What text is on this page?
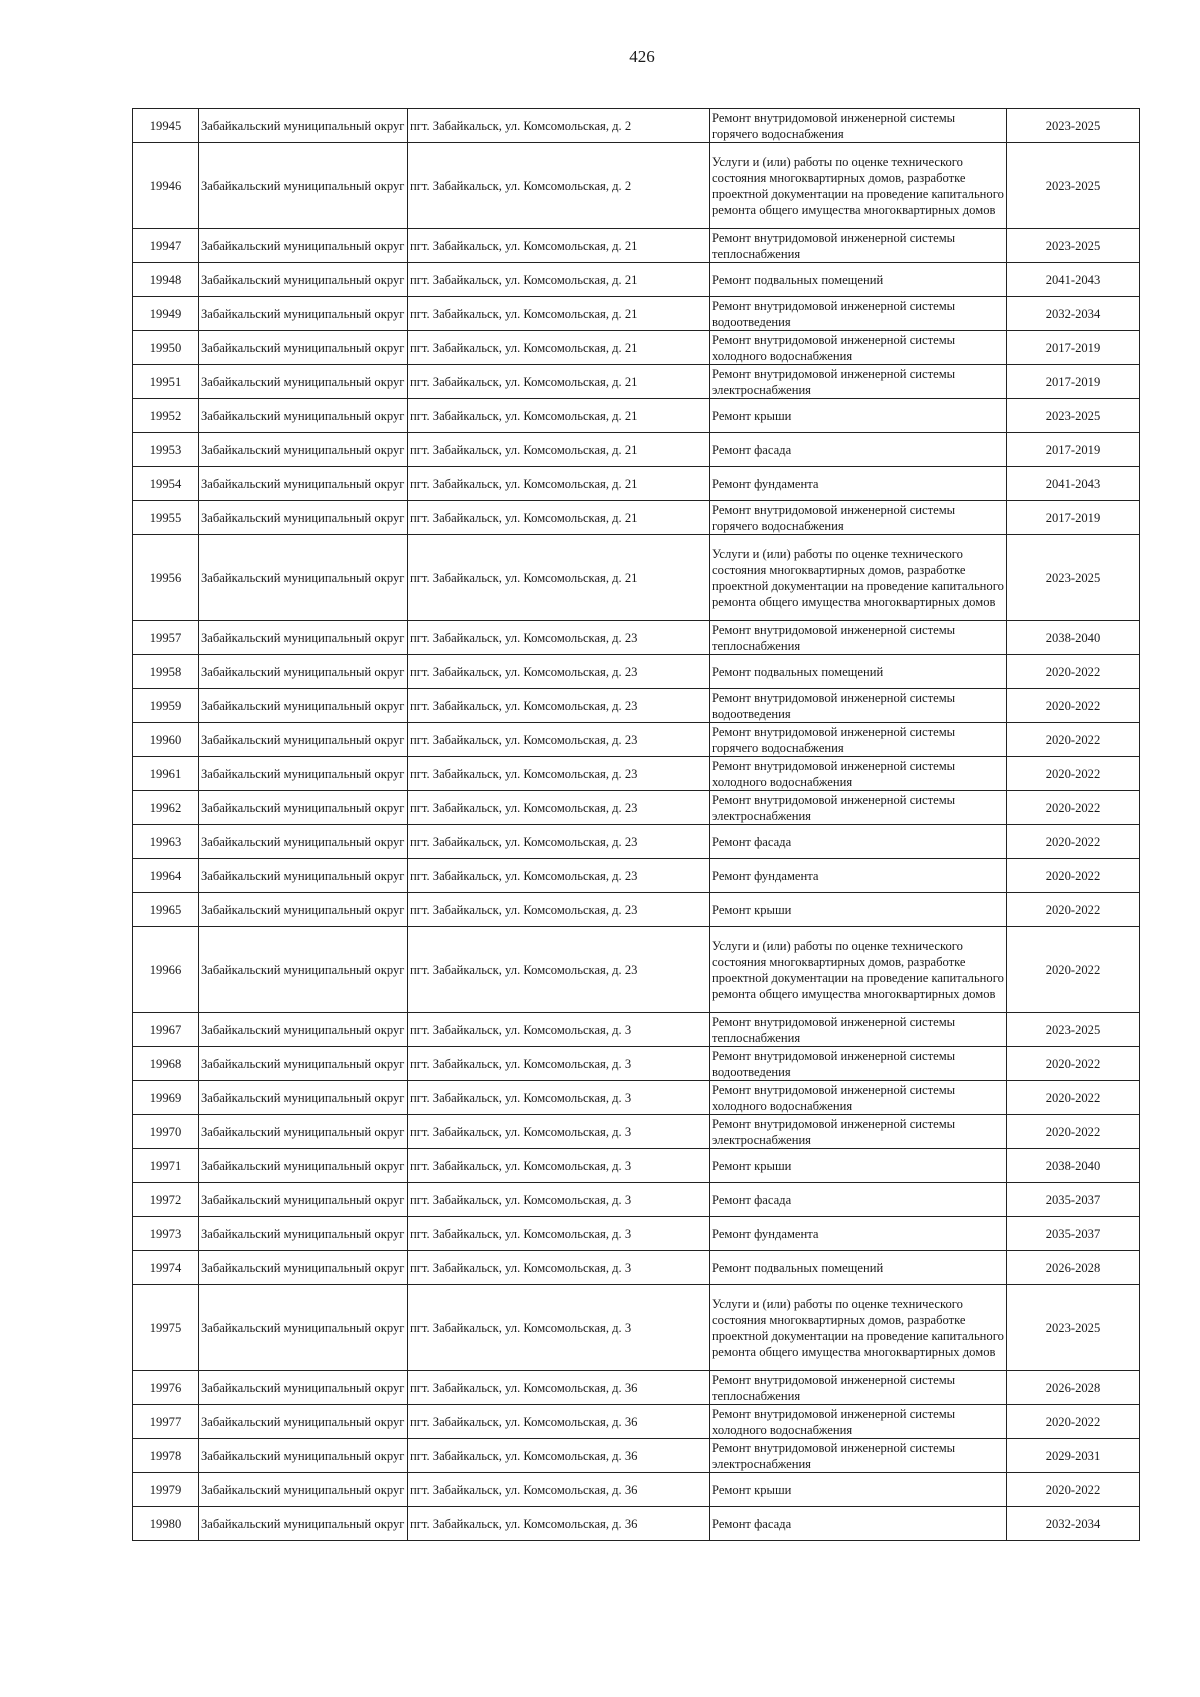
426
19945	Забайкальский муниципальный округ	пгт. Забайкальск, ул. Комсомольская, д. 2	Ремонт внутридомовой инженерной системы горячего водоснабжения	2023-2025
19946	Забайкальский муниципальный округ	пгт. Забайкальск, ул. Комсомольская, д. 2	Услуги и (или) работы по оценке технического состояния многоквартирных домов, разработке проектной документации на проведение капитального ремонта общего имущества многоквартирных домов	2023-2025
19947	Забайкальский муниципальный округ	пгт. Забайкальск, ул. Комсомольская, д. 21	Ремонт внутридомовой инженерной системы теплоснабжения	2023-2025
19948	Забайкальский муниципальный округ	пгт. Забайкальск, ул. Комсомольская, д. 21	Ремонт подвальных помещений	2041-2043
19949	Забайкальский муниципальный округ	пгт. Забайкальск, ул. Комсомольская, д. 21	Ремонт внутридомовой инженерной системы водоотведения	2032-2034
19950	Забайкальский муниципальный округ	пгт. Забайкальск, ул. Комсомольская, д. 21	Ремонт внутридомовой инженерной системы холодного водоснабжения	2017-2019
19951	Забайкальский муниципальный округ	пгт. Забайкальск, ул. Комсомольская, д. 21	Ремонт внутридомовой инженерной системы электроснабжения	2017-2019
19952	Забайкальский муниципальный округ	пгт. Забайкальск, ул. Комсомольская, д. 21	Ремонт крыши	2023-2025
19953	Забайкальский муниципальный округ	пгт. Забайкальск, ул. Комсомольская, д. 21	Ремонт фасада	2017-2019
19954	Забайкальский муниципальный округ	пгт. Забайкальск, ул. Комсомольская, д. 21	Ремонт фундамента	2041-2043
19955	Забайкальский муниципальный округ	пгт. Забайкальск, ул. Комсомольская, д. 21	Ремонт внутридомовой инженерной системы горячего водоснабжения	2017-2019
19956	Забайкальский муниципальный округ	пгт. Забайкальск, ул. Комсомольская, д. 21	Услуги и (или) работы по оценке технического состояния многоквартирных домов, разработке проектной документации на проведение капитального ремонта общего имущества многоквартирных домов	2023-2025
19957	Забайкальский муниципальный округ	пгт. Забайкальск, ул. Комсомольская, д. 23	Ремонт внутридомовой инженерной системы теплоснабжения	2038-2040
19958	Забайкальский муниципальный округ	пгт. Забайкальск, ул. Комсомольская, д. 23	Ремонт подвальных помещений	2020-2022
19959	Забайкальский муниципальный округ	пгт. Забайкальск, ул. Комсомольская, д. 23	Ремонт внутридомовой инженерной системы водоотведения	2020-2022
19960	Забайкальский муниципальный округ	пгт. Забайкальск, ул. Комсомольская, д. 23	Ремонт внутридомовой инженерной системы горячего водоснабжения	2020-2022
19961	Забайкальский муниципальный округ	пгт. Забайкальск, ул. Комсомольская, д. 23	Ремонт внутридомовой инженерной системы холодного водоснабжения	2020-2022
19962	Забайкальский муниципальный округ	пгт. Забайкальск, ул. Комсомольская, д. 23	Ремонт внутридомовой инженерной системы электроснабжения	2020-2022
19963	Забайкальский муниципальный округ	пгт. Забайкальск, ул. Комсомольская, д. 23	Ремонт фасада	2020-2022
19964	Забайкальский муниципальный округ	пгт. Забайкальск, ул. Комсомольская, д. 23	Ремонт фундамента	2020-2022
19965	Забайкальский муниципальный округ	пгт. Забайкальск, ул. Комсомольская, д. 23	Ремонт крыши	2020-2022
19966	Забайкальский муниципальный округ	пгт. Забайкальск, ул. Комсомольская, д. 23	Услуги и (или) работы по оценке технического состояния многоквартирных домов, разработке проектной документации на проведение капитального ремонта общего имущества многоквартирных домов	2020-2022
19967	Забайкальский муниципальный округ	пгт. Забайкальск, ул. Комсомольская, д. 3	Ремонт внутридомовой инженерной системы теплоснабжения	2023-2025
19968	Забайкальский муниципальный округ	пгт. Забайкальск, ул. Комсомольская, д. 3	Ремонт внутридомовой инженерной системы водоотведения	2020-2022
19969	Забайкальский муниципальный округ	пгт. Забайкальск, ул. Комсомольская, д. 3	Ремонт внутридомовой инженерной системы холодного водоснабжения	2020-2022
19970	Забайкальский муниципальный округ	пгт. Забайкальск, ул. Комсомольская, д. 3	Ремонт внутридомовой инженерной системы электроснабжения	2020-2022
19971	Забайкальский муниципальный округ	пгт. Забайкальск, ул. Комсомольская, д. 3	Ремонт крыши	2038-2040
19972	Забайкальский муниципальный округ	пгт. Забайкальск, ул. Комсомольская, д. 3	Ремонт фасада	2035-2037
19973	Забайкальский муниципальный округ	пгт. Забайкальск, ул. Комсомольская, д. 3	Ремонт фундамента	2035-2037
19974	Забайкальский муниципальный округ	пгт. Забайкальск, ул. Комсомольская, д. 3	Ремонт подвальных помещений	2026-2028
19975	Забайкальский муниципальный округ	пгт. Забайкальск, ул. Комсомольская, д. 3	Услуги и (или) работы по оценке технического состояния многоквартирных домов, разработке проектной документации на проведение капитального ремонта общего имущества многоквартирных домов	2023-2025
19976	Забайкальский муниципальный округ	пгт. Забайкальск, ул. Комсомольская, д. 36	Ремонт внутридомовой инженерной системы теплоснабжения	2026-2028
19977	Забайкальский муниципальный округ	пгт. Забайкальск, ул. Комсомольская, д. 36	Ремонт внутридомовой инженерной системы холодного водоснабжения	2020-2022
19978	Забайкальский муниципальный округ	пгт. Забайкальск, ул. Комсомольская, д. 36	Ремонт внутридомовой инженерной системы электроснабжения	2029-2031
19979	Забайкальский муниципальный округ	пгт. Забайкальск, ул. Комсомольская, д. 36	Ремонт крыши	2020-2022
19980	Забайкальский муниципальный округ	пгт. Забайкальск, ул. Комсомольская, д. 36	Ремонт фасада	2032-2034
